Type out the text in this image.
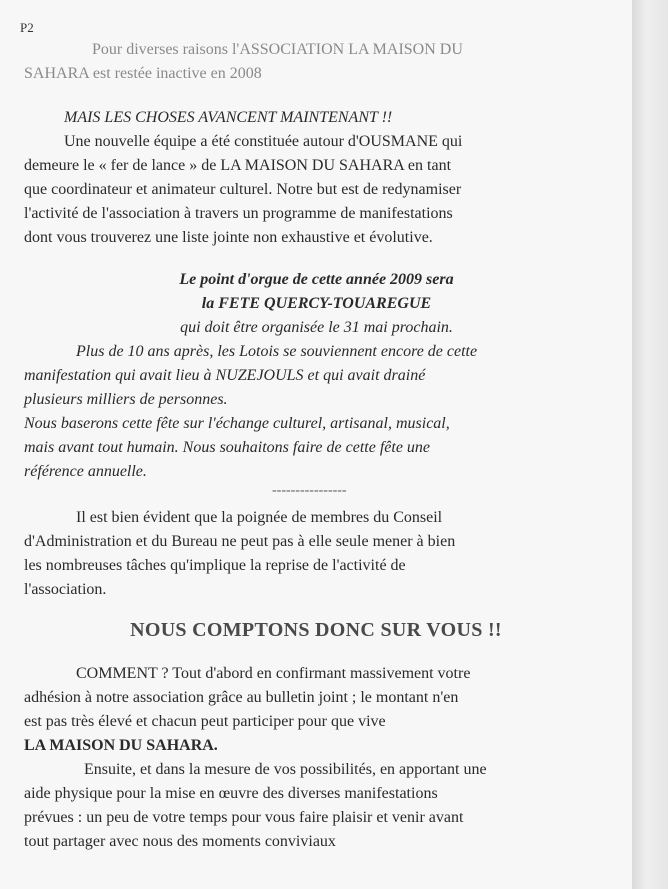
P2
Pour diverses raisons l'ASSOCIATION LA MAISON DU
SAHARA est restée inactive en 2008
MAIS LES CHOSES AVANCENT MAINTENANT !!
Une nouvelle équipe a été constituée autour d'OUSMANE qui
demeure le « fer de lance » de LA MAISON DU SAHARA en tant
que coordinateur et animateur culturel. Notre but est de redynamiser
l'activité de l'association à travers un programme de manifestations
dont vous trouverez une liste jointe non exhaustive et évolutive.
Le point d'orgue de cette année 2009 sera
la FETE QUERCY-TOUAREGUE
qui doit être organisée le 31 mai prochain.
Plus de 10 ans après, les Lotois se souviennent encore de cette
manifestation qui avait lieu à NUZEJOULS et qui avait drainé
plusieurs milliers de personnes.
Nous baserons cette fête sur l'échange culturel, artisanal, musical,
mais avant tout humain. Nous souhaitons faire de cette fête une
référence annuelle.
----------------
Il est bien évident que la poignée de membres du Conseil
d'Administration et du Bureau ne peut pas à elle seule mener à bien
les nombreuses tâches qu'implique la reprise de l'activité de
l'association.
NOUS COMPTONS DONC SUR VOUS !!
COMMENT ? Tout d'abord en confirmant massivement votre
adhésion à notre association grâce au bulletin joint ; le montant n'en
est pas très élevé et chacun peut participer pour que vive
LA MAISON DU SAHARA.
Ensuite, et dans la mesure de vos possibilités, en apportant une
aide physique pour la mise en œuvre des diverses manifestations
prévues : un peu de votre temps pour vous faire plaisir et venir avant
tout partager avec nous des moments conviviaux
